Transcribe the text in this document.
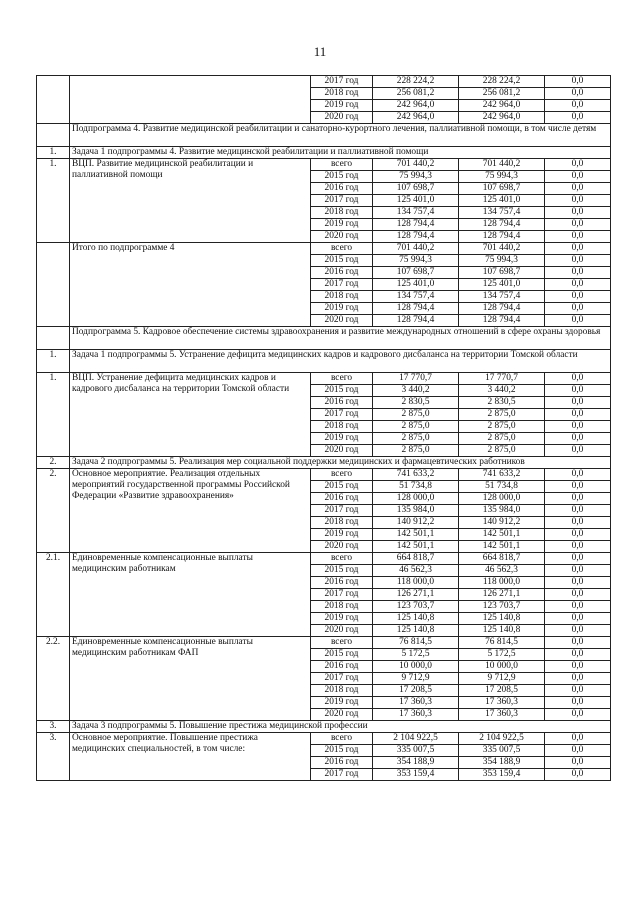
11
		2017 год	228 224,2	228 224,2	0,0
		2018 год	256 081,2	256 081,2	0,0
		2019 год	242 964,0	242 964,0	0,0
		2020 год	242 964,0	242 964,0	0,0
	Подпрограмма 4. Развитие медицинской реабилитации и санаторно-курортного лечения, паллиативной помощи, в том числе детям				
1.	Задача 1 подпрограммы 4. Развитие медицинской реабилитации и паллиативной помощи				
1.	ВЦП. Развитие медицинской реабилитации и паллиативной помощи	всего	701 440,2	701 440,2	0,0
		2015 год	75 994,3	75 994,3	0,0
		2016 год	107 698,7	107 698,7	0,0
		2017 год	125 401,0	125 401,0	0,0
		2018 год	134 757,4	134 757,4	0,0
		2019 год	128 794,4	128 794,4	0,0
		2020 год	128 794,4	128 794,4	0,0
	Итого по подпрограмме 4	всего	701 440,2	701 440,2	0,0
		2015 год	75 994,3	75 994,3	0,0
		2016 год	107 698,7	107 698,7	0,0
		2017 год	125 401,0	125 401,0	0,0
		2018 год	134 757,4	134 757,4	0,0
		2019 год	128 794,4	128 794,4	0,0
		2020 год	128 794,4	128 794,4	0,0
	Подпрограмма 5. Кадровое обеспечение системы здравоохранения и развитие международных отношений в сфере охраны здоровья				
1.	Задача 1 подпрограммы 5. Устранение дефицита медицинских кадров и кадрового дисбаланса на территории Томской области				
1.	ВЦП. Устранение дефицита медицинских кадров и кадрового дисбаланса на территории Томской области	всего	17 770,7	17 770,7	0,0
		2015 год	3 440,2	3 440,2	0,0
		2016 год	2 830,5	2 830,5	0,0
		2017 год	2 875,0	2 875,0	0,0
		2018 год	2 875,0	2 875,0	0,0
		2019 год	2 875,0	2 875,0	0,0
		2020 год	2 875,0	2 875,0	0,0
2.	Задача 2 подпрограммы 5. Реализация мер социальной поддержки медицинских и фармацевтических работников				
2.	Основное мероприятие. Реализация отдельных мероприятий государственной программы Российской Федерации «Развитие здравоохранения»	всего	741 633,2	741 633,2	0,0
		2015 год	51 734,8	51 734,8	0,0
		2016 год	128 000,0	128 000,0	0,0
		2017 год	135 984,0	135 984,0	0,0
		2018 год	140 912,2	140 912,2	0,0
		2019 год	142 501,1	142 501,1	0,0
		2020 год	142 501,1	142 501,1	0,0
2.1.	Единовременные компенсационные выплаты медицинским работникам	всего	664 818,7	664 818,7	0,0
		2015 год	46 562,3	46 562,3	0,0
		2016 год	118 000,0	118 000,0	0,0
		2017 год	126 271,1	126 271,1	0,0
		2018 год	123 703,7	123 703,7	0,0
		2019 год	125 140,8	125 140,8	0,0
		2020 год	125 140,8	125 140,8	0,0
2.2.	Единовременные компенсационные выплаты медицинским работникам ФАП	всего	76 814,5	76 814,5	0,0
		2015 год	5 172,5	5 172,5	0,0
		2016 год	10 000,0	10 000,0	0,0
		2017 год	9 712,9	9 712,9	0,0
		2018 год	17 208,5	17 208,5	0,0
		2019 год	17 360,3	17 360,3	0,0
		2020 год	17 360,3	17 360,3	0,0
3.	Задача 3 подпрограммы 5. Повышение престижа медицинской профессии				
3.	Основное мероприятие. Повышение престижа медицинских специальностей, в том числе:	всего	2 104 922,5	2 104 922,5	0,0
		2015 год	335 007,5	335 007,5	0,0
		2016 год	354 188,9	354 188,9	0,0
		2017 год	353 159,4	353 159,4	0,0
